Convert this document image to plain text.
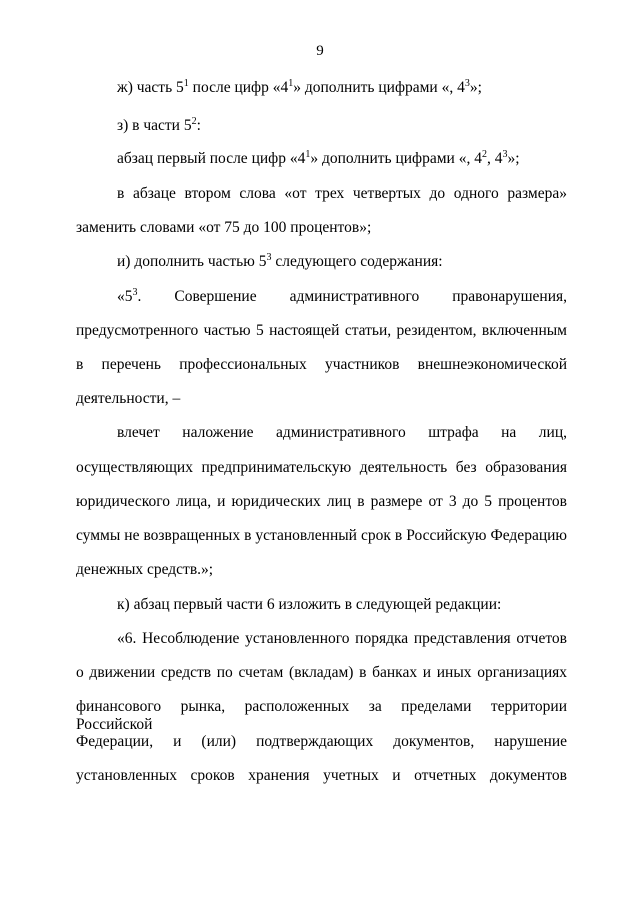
9
ж) часть $5^1$ после цифр «$4^1$» дополнить цифрами «, $4^3$»;
з) в части $5^2$:
абзац первый после цифр «$4^1$» дополнить цифрами «, $4^2$, $4^3$»;
в абзаце втором слова «от трех четвертых до одного размера»
заменить словами «от 75 до 100 процентов»;
и) дополнить частью $5^3$ следующего содержания:
«$5^3$. Совершение административного правонарушения,
предусмотренного частью 5 настоящей статьи, резидентом, включенным
в перечень профессиональных участников внешнеэкономической
деятельности, –
влечет наложение административного штрафа на лиц,
осуществляющих предпринимательскую деятельность без образования
юридического лица, и юридических лиц в размере от 3 до 5 процентов
суммы не возвращенных в установленный срок в Российскую Федерацию
денежных средств.»;
к) абзац первый части 6 изложить в следующей редакции:
«6. Несоблюдение установленного порядка представления отчетов
о движении средств по счетам (вкладам) в банках и иных организациях
финансового рынка, расположенных за пределами территории Российской
Федерации, и (или) подтверждающих документов, нарушение
установленных сроков хранения учетных и отчетных документов
